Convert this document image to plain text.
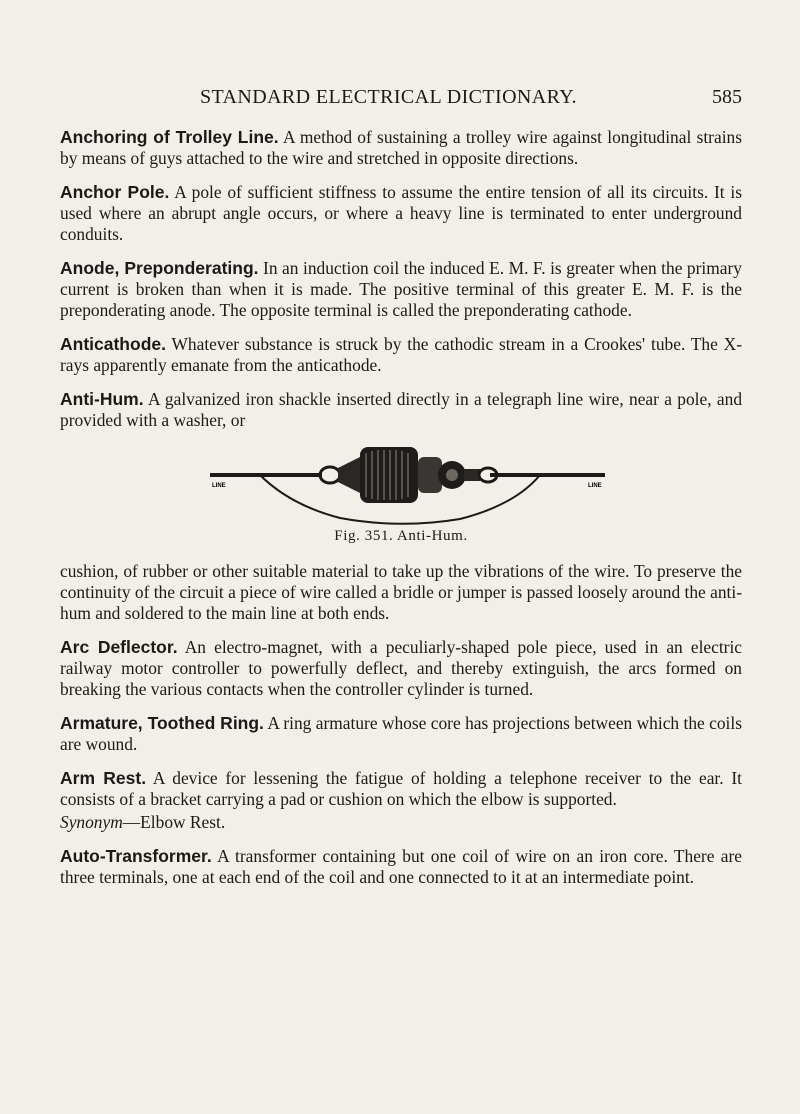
STANDARD ELECTRICAL DICTIONARY.	585

Anchoring of Trolley Line. A method of sustaining a trolley wire against longitudinal strains by means of guys attached to the wire and stretched in opposite directions.

Anchor Pole. A pole of sufficient stiffness to assume the entire tension of all its circuits. It is used where an abrupt angle occurs, or where a heavy line is terminated to enter underground conduits.

Anode, Preponderating. In an induction coil the induced E. M. F. is greater when the primary current is broken than when it is made. The positive terminal of this greater E. M. F. is the preponderating anode. The opposite terminal is called the preponderating cathode.

Anticathode. Whatever substance is struck by the cathodic stream in a Crookes' tube. The X-rays apparently emanate from the anticathode.

Anti-Hum. A galvanized iron shackle inserted directly in a telegraph line wire, near a pole, and provided with a washer, or

LINE	LINE
Fig. 351. Anti-Hum.

cushion, of rubber or other suitable material to take up the vibrations of the wire. To preserve the continuity of the circuit a piece of wire called a bridle or jumper is passed loosely around the anti-hum and soldered to the main line at both ends.

Arc Deflector. An electro-magnet, with a peculiarly-shaped pole piece, used in an electric railway motor controller to powerfully deflect, and thereby extinguish, the arcs formed on breaking the various contacts when the controller cylinder is turned.

Armature, Toothed Ring. A ring armature whose core has projections between which the coils are wound.

Arm Rest. A device for lessening the fatigue of holding a telephone receiver to the ear. It consists of a bracket carrying a pad or cushion on which the elbow is supported.

Synonym—Elbow Rest.

Auto-Transformer. A transformer containing but one coil of wire on an iron core. There are three terminals, one at each end of the coil and one connected to it at an intermediate point.
